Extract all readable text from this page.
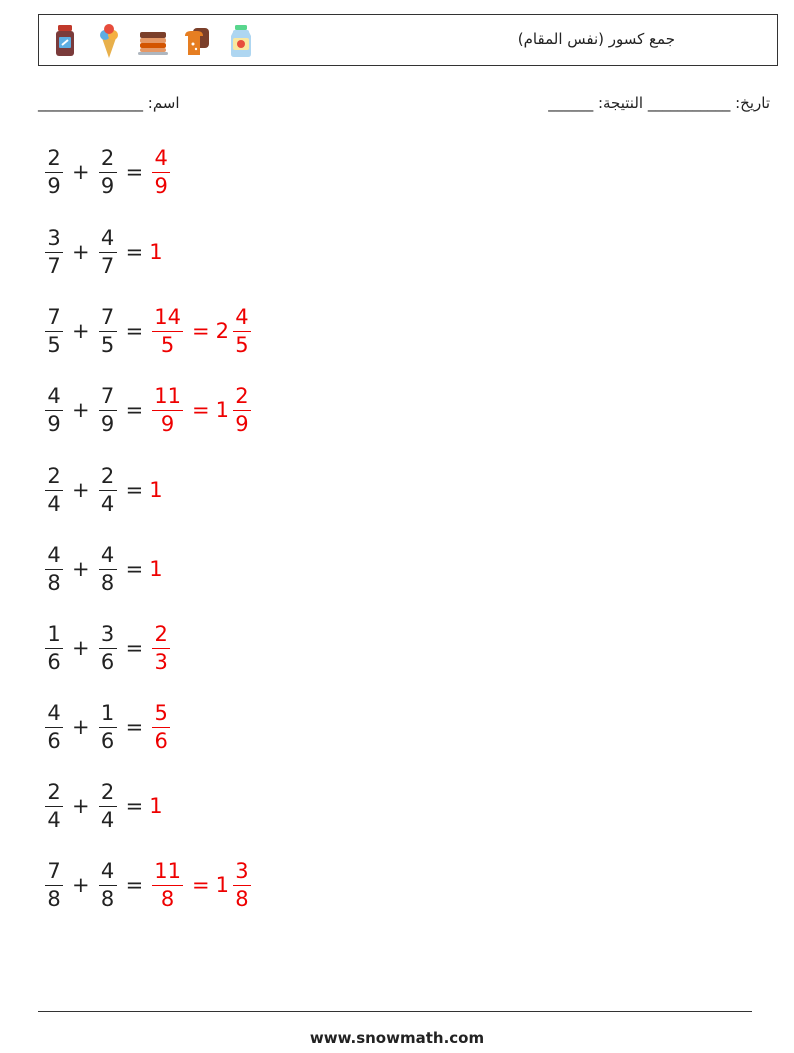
جمع كسور (نفس المقام)
اسم: ______________	______ :تاريخ: ___________ النتيجة
$\frac{2}{9} + \frac{2}{9} = \frac{4}{9}$
$\frac{3}{7} + \frac{4}{7} = 1$
$\frac{7}{5} + \frac{7}{5} = \frac{14}{5} = 2 \frac{4}{5}$
$\frac{4}{9} + \frac{7}{9} = \frac{11}{9} = 1 \frac{2}{9}$
$\frac{2}{4} + \frac{2}{4} = 1$
$\frac{4}{8} + \frac{4}{8} = 1$
$\frac{1}{6} + \frac{3}{6} = \frac{2}{3}$
$\frac{4}{6} + \frac{1}{6} = \frac{5}{6}$
$\frac{2}{4} + \frac{2}{4} = 1$
$\frac{7}{8} + \frac{4}{8} = \frac{11}{8} = 1 \frac{3}{8}$
www.snowmath.com
